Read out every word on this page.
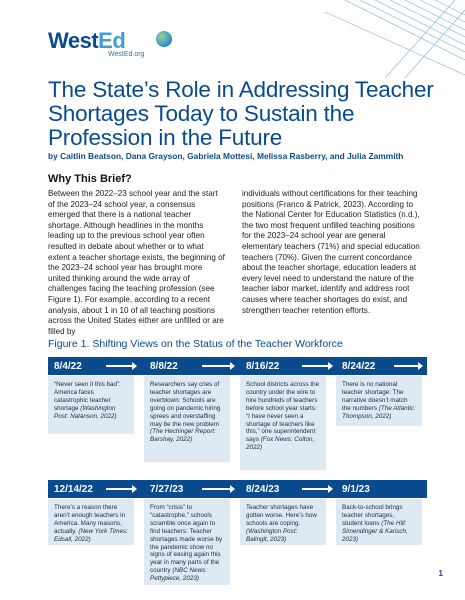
WestEd
WestEd.org
The State’s Role in Addressing Teacher Shortages Today to Sustain the Profession in the Future
by Caitlin Beatson, Dana Grayson, Gabriela Mottesi, Melissa Rasberry, and Julia Zammith
Why This Brief?

Between the 2022–23 school year and the start of the 2023–24 school year, a consensus emerged that there is a national teacher shortage. Although headlines in the months leading up to the previous school year often resulted in debate about whether or to what extent a teacher shortage exists, the beginning of the 2023–24 school year has brought more united thinking around the wide array of challenges facing the teaching profession (see Figure 1). For example, according to a recent analysis, about 1 in 10 of all teaching positions across the United States either are unfilled or are filled by

individuals without certifications for their teaching positions (Franco & Patrick, 2023). According to the National Center for Education Statistics (n.d.), the two most frequent unfilled teaching positions for the 2023–24 school year are general elementary teachers (71%) and special education teachers (70%). Given the current concordance about the teacher shortage, education leaders at every level need to understand the nature of the teacher labor market, identify and address root causes where teacher shortages do exist, and strengthen teacher retention efforts.

Figure 1. Shifting Views on the Status of the Teacher Workforce
8/4/22	8/8/22	8/16/22	8/24/22
“Never seen it this bad”: America faces catastrophic teacher shortage (Washington Post: Natanson, 2022)
Researchers say cries of teacher shortages are overblown: Schools are going on pandemic hiring sprees and overstaffing may be the new problem (The Hechinger Report: Barshay, 2022)
School districts across the country under the wire to hire hundreds of teachers before school year starts: “I have never seen a shortage of teachers like this,” one superintendent says (Fox News: Colton, 2022)
There is no national teacher shortage: The narrative doesn’t match the numbers (The Atlantic: Thompson, 2022)
12/14/22	7/27/23	8/24/23	9/1/23
There’s a reason there aren’t enough teachers in America. Many reasons, actually. (New York Times: Edsall, 2022)
From “crisis” to “catastrophe,” schools scramble once again to find teachers: Teacher shortages made worse by the pandemic show no signs of easing again this year in many parts of the country (NBC News: Pettypiece, 2023)
Teacher shortages have gotten worse. Here’s how schools are coping. (Washington Post: Balingit, 2023)
Back-to-school brings teacher shortages, student loans (The Hill: Simendinger & Karisch, 2023)
1
